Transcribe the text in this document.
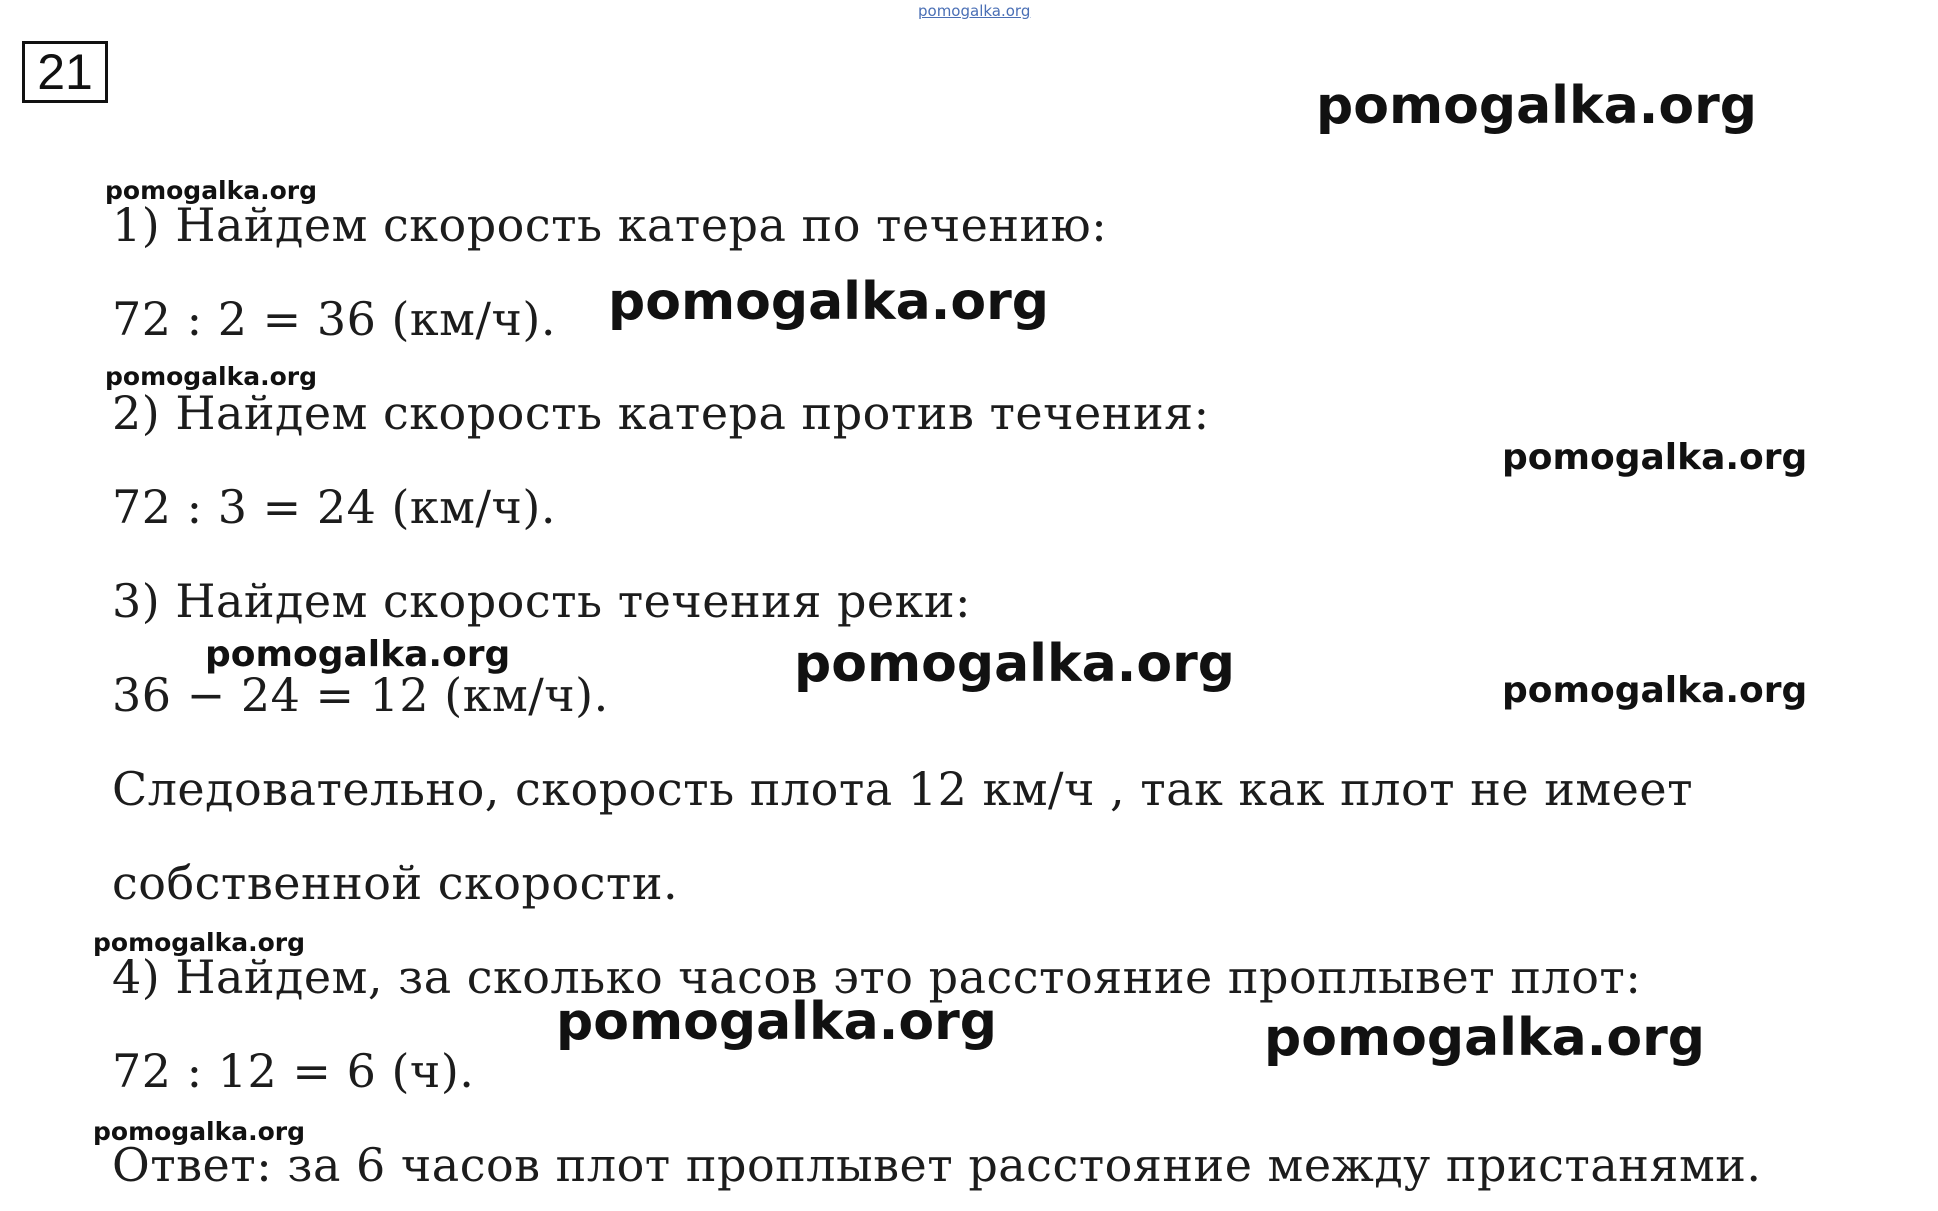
pomogalka.org
21
pomogalka.org
pomogalka.org
1) Найдем скорость катера по течению:
72 : 2 = 36 (км/ч). pomogalka.org
pomogalka.org
2) Найдем скорость катера против течения:
pomogalka.org
72 : 3 = 24 (км/ч).
3) Найдем скорость течения реки:
pomogalka.org	pomogalka.org
36 − 24 = 12 (км/ч).	pomogalka.org
Следовательно, скорость плота 12 км/ч , так как плот не имеет
собственной скорости.
pomogalka.org
4) Найдем, за сколько часов это расстояние проплывет плот:
pomogalka.org	pomogalka.org
72 : 12 = 6 (ч).
pomogalka.org
Ответ: за 6 часов плот проплывет расстояние между пристанями.
